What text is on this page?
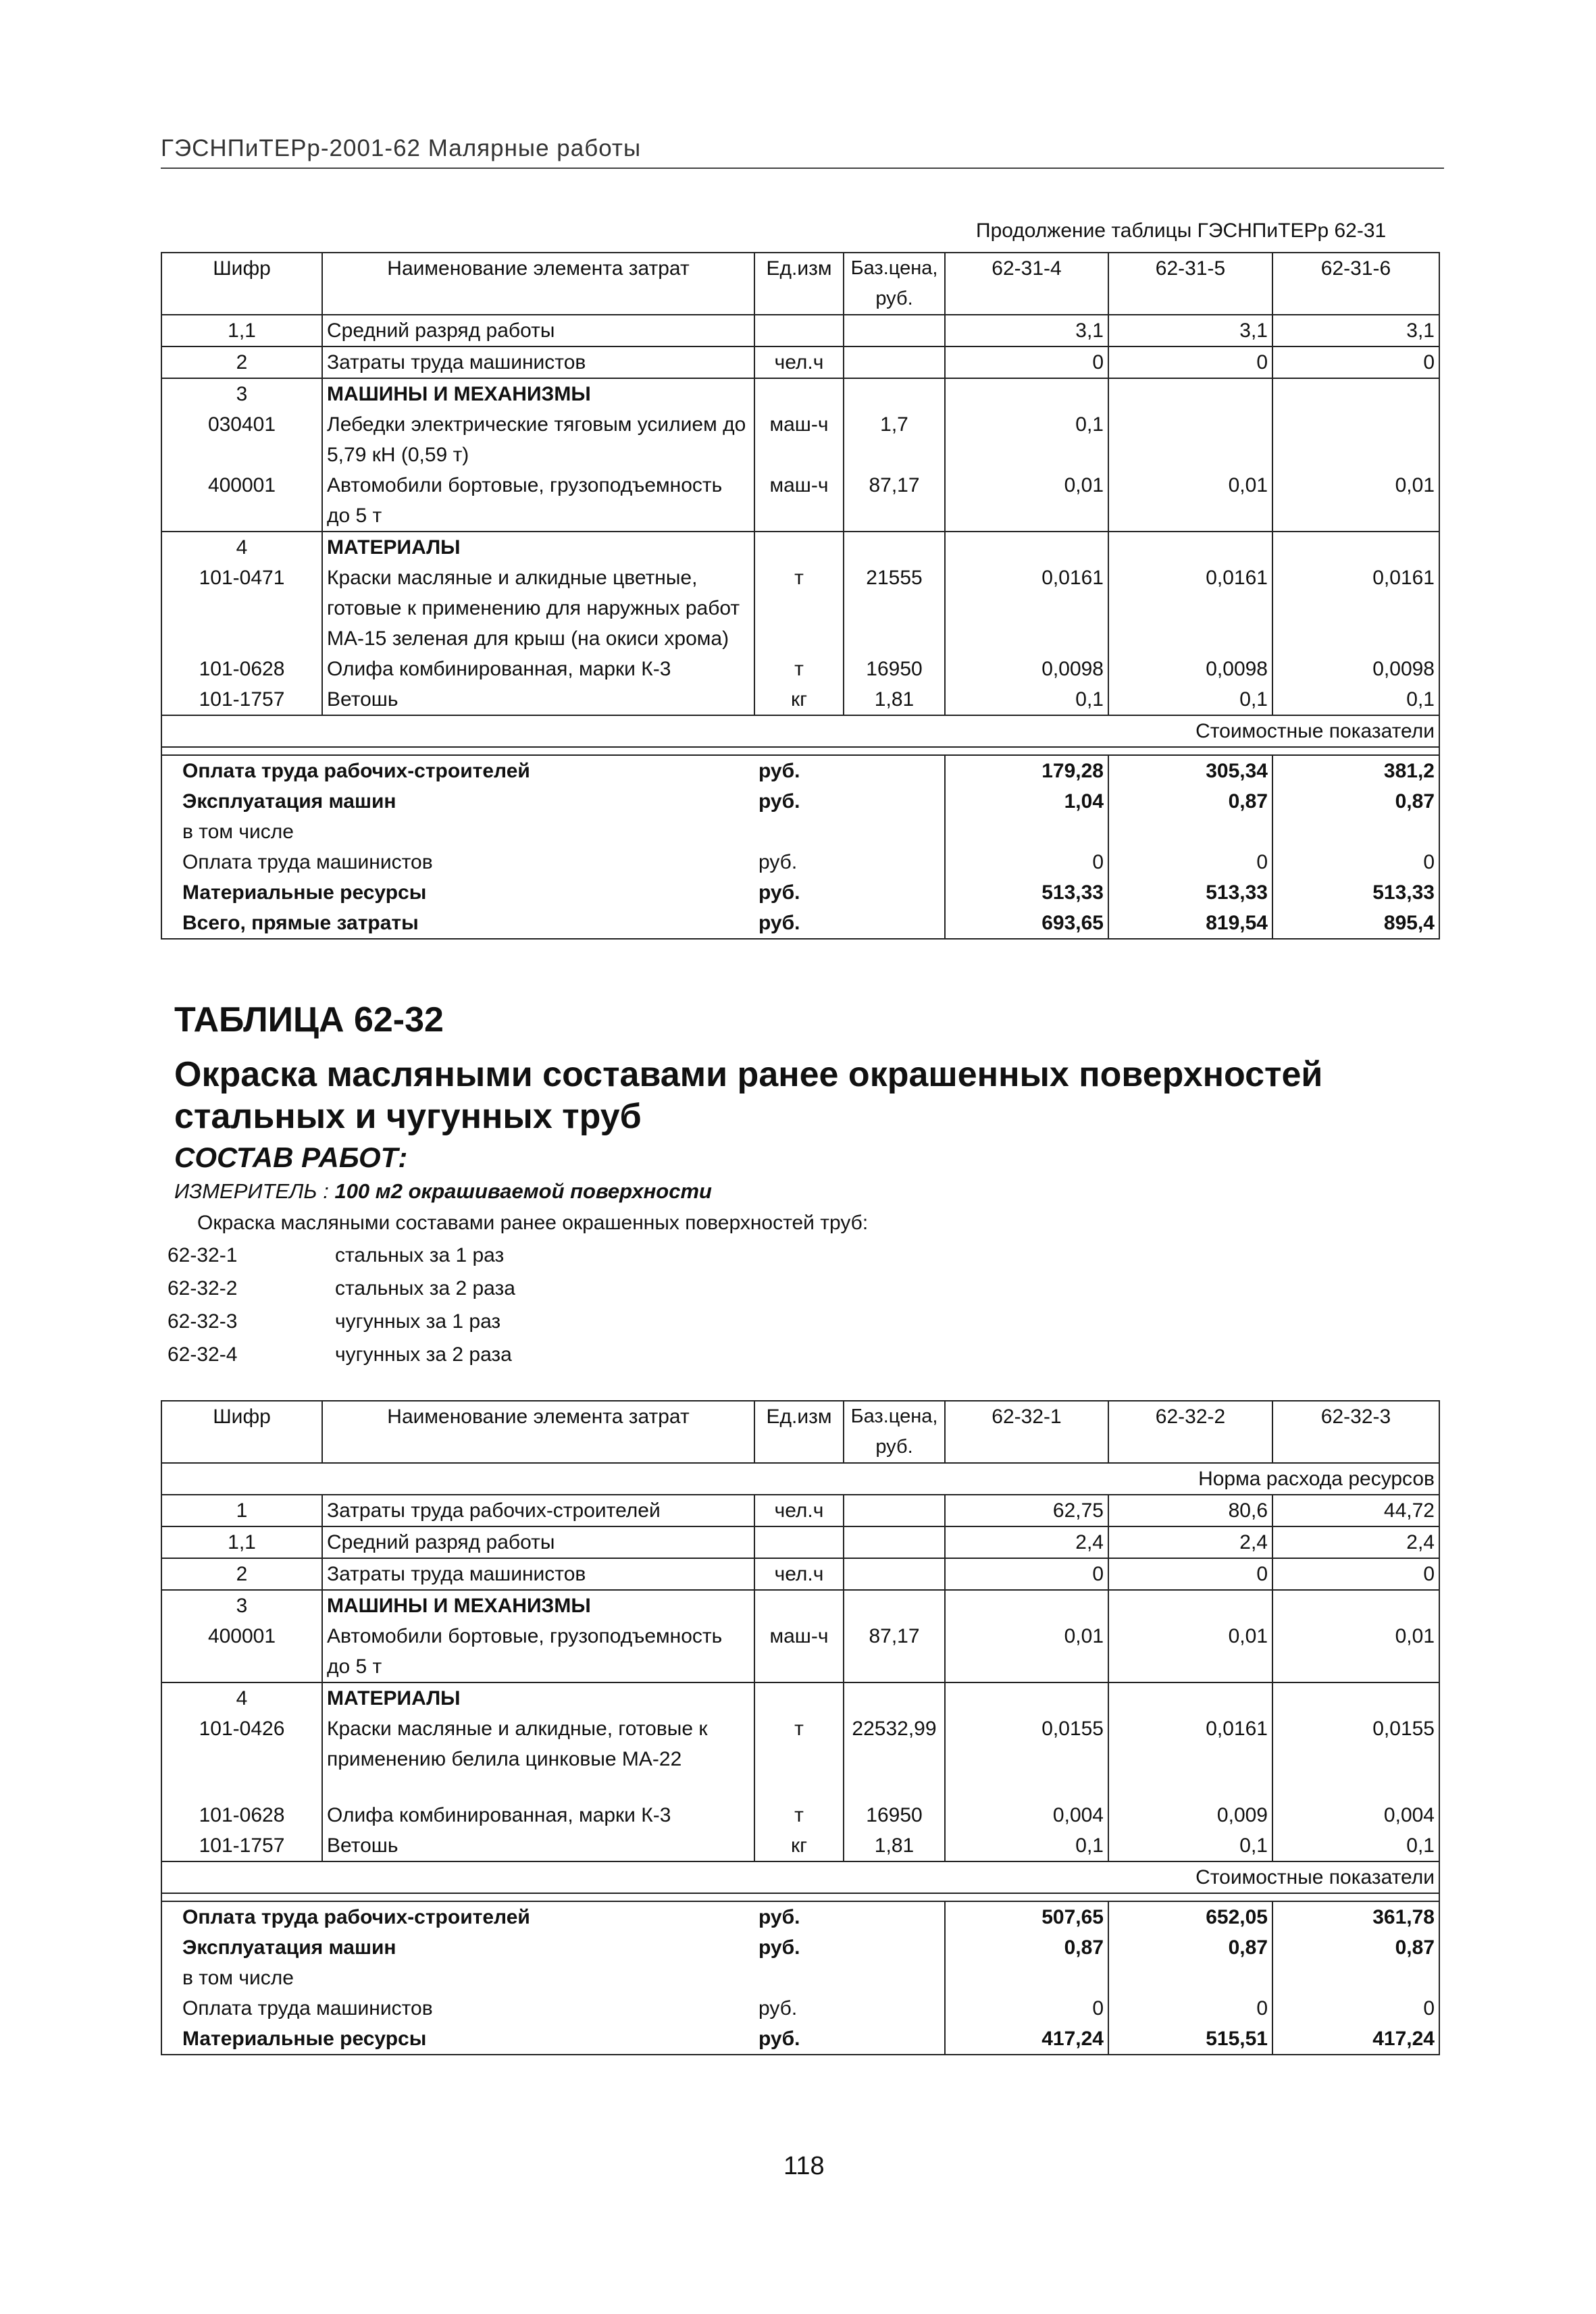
ГЭСНПиТЕРр-2001-62 Малярные работы
Продолжение таблицы ГЭСНПиТЕРр 62-31
Шифр	Наименование элемента затрат	Ед.изм	Баз.цена, руб.	62-31-4	62-31-5	62-31-6
1,1	Средний разряд работы			3,1	3,1	3,1
2	Затраты труда машинистов	чел.ч		0	0	0
3	МАШИНЫ И МЕХАНИЗМЫ					
030401	Лебедки электрические тяговым усилием до 5,79 кН (0,59 т)	маш-ч	1,7	0,1		
400001	Автомобили бортовые, грузоподъемность до 5 т	маш-ч	87,17	0,01	0,01	0,01
4	МАТЕРИАЛЫ					
101-0471	Краски масляные и алкидные цветные, готовые к применению для наружных работ МА-15 зеленая для крыш (на окиси хрома)	т	21555	0,0161	0,0161	0,0161
101-0628	Олифа комбинированная, марки К-3	т	16950	0,0098	0,0098	0,0098
101-1757	Ветошь	кг	1,81	0,1	0,1	0,1
Стоимостные показатели						

Оплата труда рабочих-строителей		руб.		179,28	305,34	381,2
Эксплуатация машин		руб.		1,04	0,87	0,87
в том числе						
Оплата труда машинистов		руб.		0	0	0
Материальные ресурсы		руб.		513,33	513,33	513,33
Всего, прямые затраты		руб.		693,65	819,54	895,4
ТАБЛИЦА 62-32
Окраска масляными составами ранее окрашенных поверхностей стальных и чугунных труб
СОСТАВ РАБОТ:
ИЗМЕРИТЕЛЬ : 100 м2 окрашиваемой поверхности
Окраска масляными составами ранее окрашенных поверхностей труб:
62-32-1	стальных за 1 раз
62-32-2	стальных за 2 раза
62-32-3	чугунных за 1 раз
62-32-4	чугунных за 2 раза
Шифр	Наименование элемента затрат	Ед.изм	Баз.цена, руб.	62-32-1	62-32-2	62-32-3
Норма расхода ресурсов						
1	Затраты труда рабочих-строителей	чел.ч		62,75	80,6	44,72
1,1	Средний разряд работы			2,4	2,4	2,4
2	Затраты труда машинистов	чел.ч		0	0	0
3	МАШИНЫ И МЕХАНИЗМЫ					
400001	Автомобили бортовые, грузоподъемность до 5 т	маш-ч	87,17	0,01	0,01	0,01
4	МАТЕРИАЛЫ					
101-0426	Краски масляные и алкидные, готовые к применению белила цинковые МА-22	т	22532,99	0,0155	0,0161	0,0155
101-0628	Олифа комбинированная, марки К-3	т	16950	0,004	0,009	0,004
101-1757	Ветошь	кг	1,81	0,1	0,1	0,1
Стоимостные показатели						

Оплата труда рабочих-строителей		руб.		507,65	652,05	361,78
Эксплуатация машин		руб.		0,87	0,87	0,87
в том числе						
Оплата труда машинистов		руб.		0	0	0
Материальные ресурсы		руб.		417,24	515,51	417,24
118
